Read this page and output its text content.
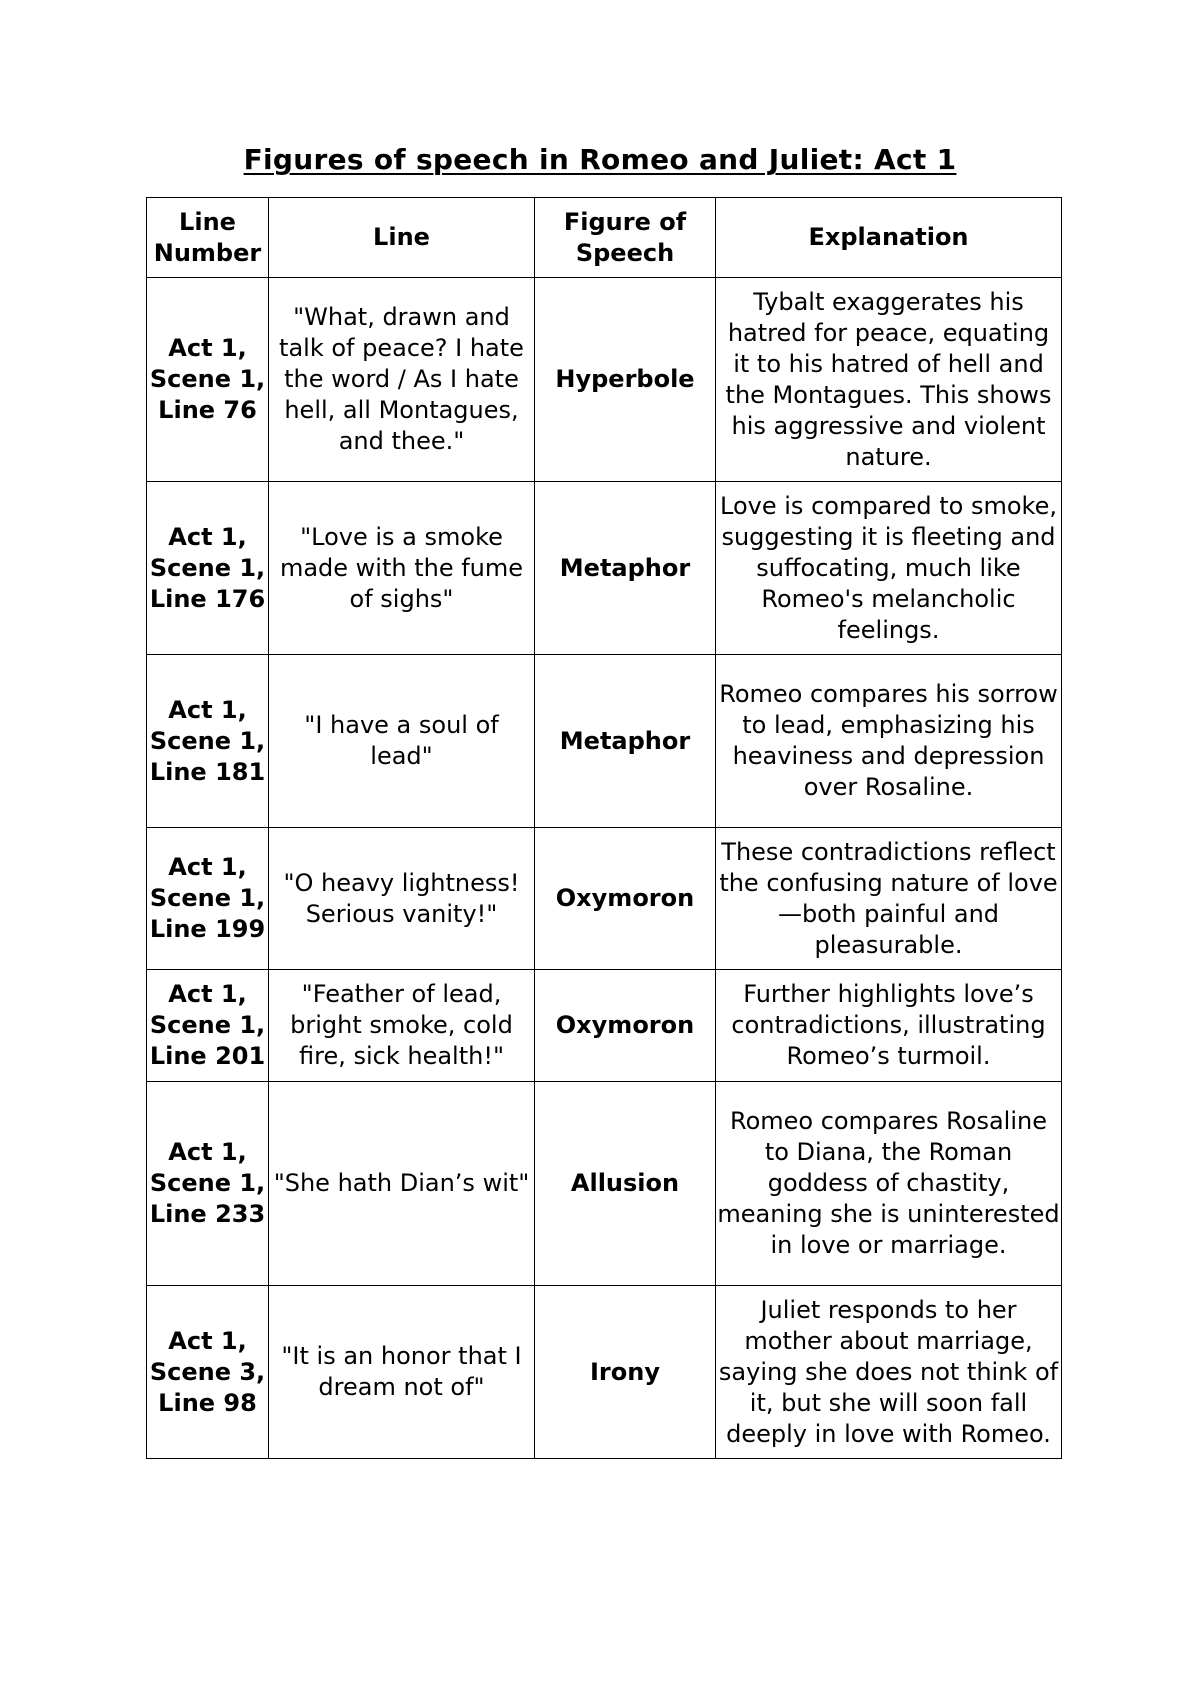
Figures of speech in Romeo and Juliet: Act 1
Line Number	Line	Figure of Speech	Explanation
Act 1, Scene 1, Line 76	"What, drawn and talk of peace? I hate the word / As I hate hell, all Montagues, and thee."	Hyperbole	Tybalt exaggerates his hatred for peace, equating it to his hatred of hell and the Montagues. This shows his aggressive and violent nature.
Act 1, Scene 1, Line 176	"Love is a smoke made with the fume of sighs"	Metaphor	Love is compared to smoke, suggesting it is fleeting and suffocating, much like Romeo's melancholic feelings.
Act 1, Scene 1, Line 181	"I have a soul of lead"	Metaphor	Romeo compares his sorrow to lead, emphasizing his heaviness and depression over Rosaline.
Act 1, Scene 1, Line 199	"O heavy lightness! Serious vanity!"	Oxymoron	These contradictions reflect the confusing nature of love—both painful and pleasurable.
Act 1, Scene 1, Line 201	"Feather of lead, bright smoke, cold fire, sick health!"	Oxymoron	Further highlights love’s contradictions, illustrating Romeo’s turmoil.
Act 1, Scene 1, Line 233	"She hath Dian’s wit"	Allusion	Romeo compares Rosaline to Diana, the Roman goddess of chastity, meaning she is uninterested in love or marriage.
Act 1, Scene 3, Line 98	"It is an honor that I dream not of"	Irony	Juliet responds to her mother about marriage, saying she does not think of it, but she will soon fall deeply in love with Romeo.
